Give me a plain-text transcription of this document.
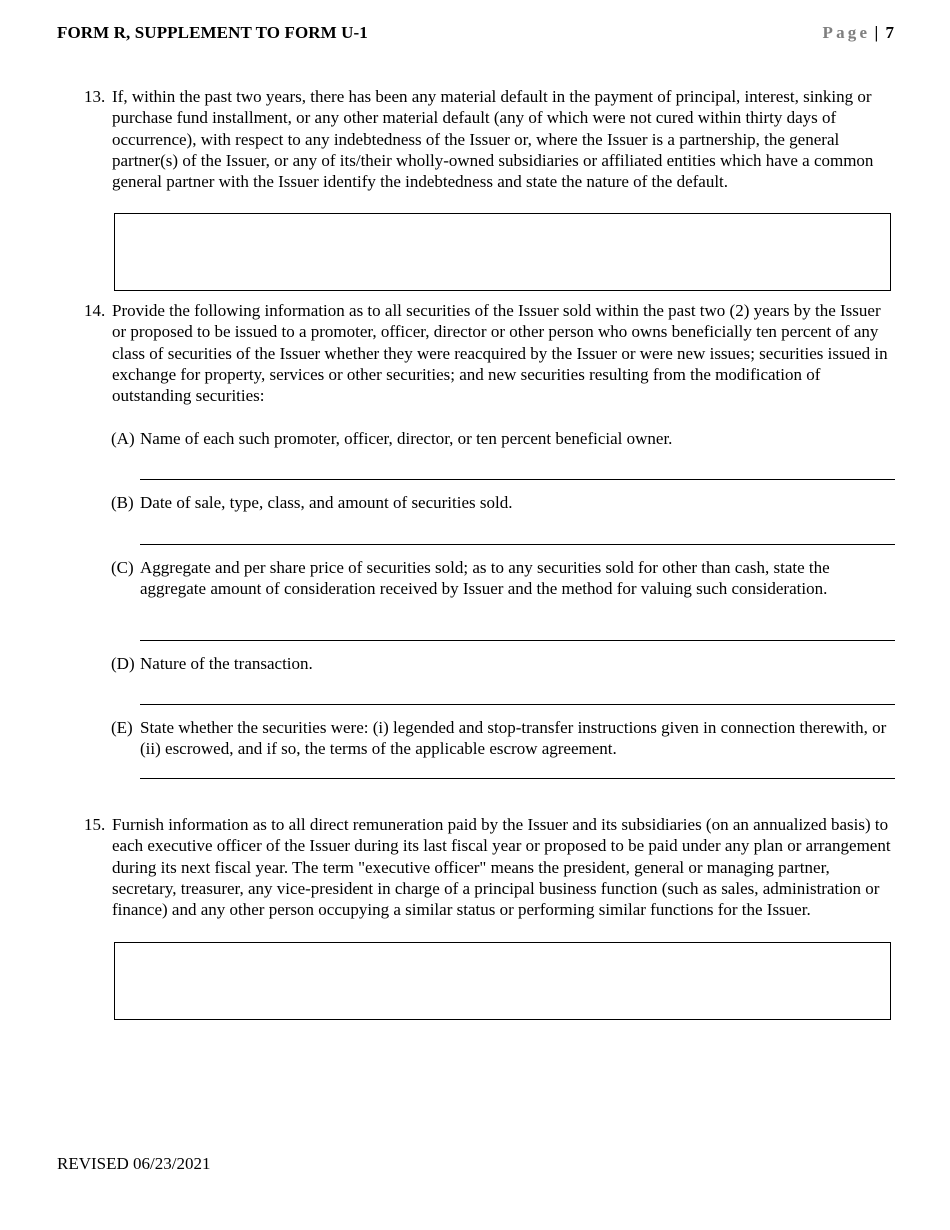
FORM R, SUPPLEMENT TO FORM U-1	Page | 7
13. If, within the past two years, there has been any material default in the payment of principal, interest, sinking or purchase fund installment, or any other material default (any of which were not cured within thirty days of occurrence), with respect to any indebtedness of the Issuer or, where the Issuer is a partnership, the general partner(s) of the Issuer, or any of its/their wholly-owned subsidiaries or affiliated entities which have a common general partner with the Issuer identify the indebtedness and state the nature of the default.
14. Provide the following information as to all securities of the Issuer sold within the past two (2) years by the Issuer or proposed to be issued to a promoter, officer, director or other person who owns beneficially ten percent of any class of securities of the Issuer whether they were reacquired by the Issuer or were new issues; securities issued in exchange for property, services or other securities; and new securities resulting from the modification of outstanding securities:
(A) Name of each such promoter, officer, director, or ten percent beneficial owner.
(B) Date of sale, type, class, and amount of securities sold.
(C) Aggregate and per share price of securities sold; as to any securities sold for other than cash, state the aggregate amount of consideration received by Issuer and the method for valuing such consideration.
(D) Nature of the transaction.
(E) State whether the securities were: (i) legended and stop-transfer instructions given in connection therewith, or (ii) escrowed, and if so, the terms of the applicable escrow agreement.
15. Furnish information as to all direct remuneration paid by the Issuer and its subsidiaries (on an annualized basis) to each executive officer of the Issuer during its last fiscal year or proposed to be paid under any plan or arrangement during its next fiscal year. The term "executive officer" means the president, general or managing partner, secretary, treasurer, any vice-president in charge of a principal business function (such as sales, administration or finance) and any other person occupying a similar status or performing similar functions for the Issuer.
REVISED 06/23/2021
